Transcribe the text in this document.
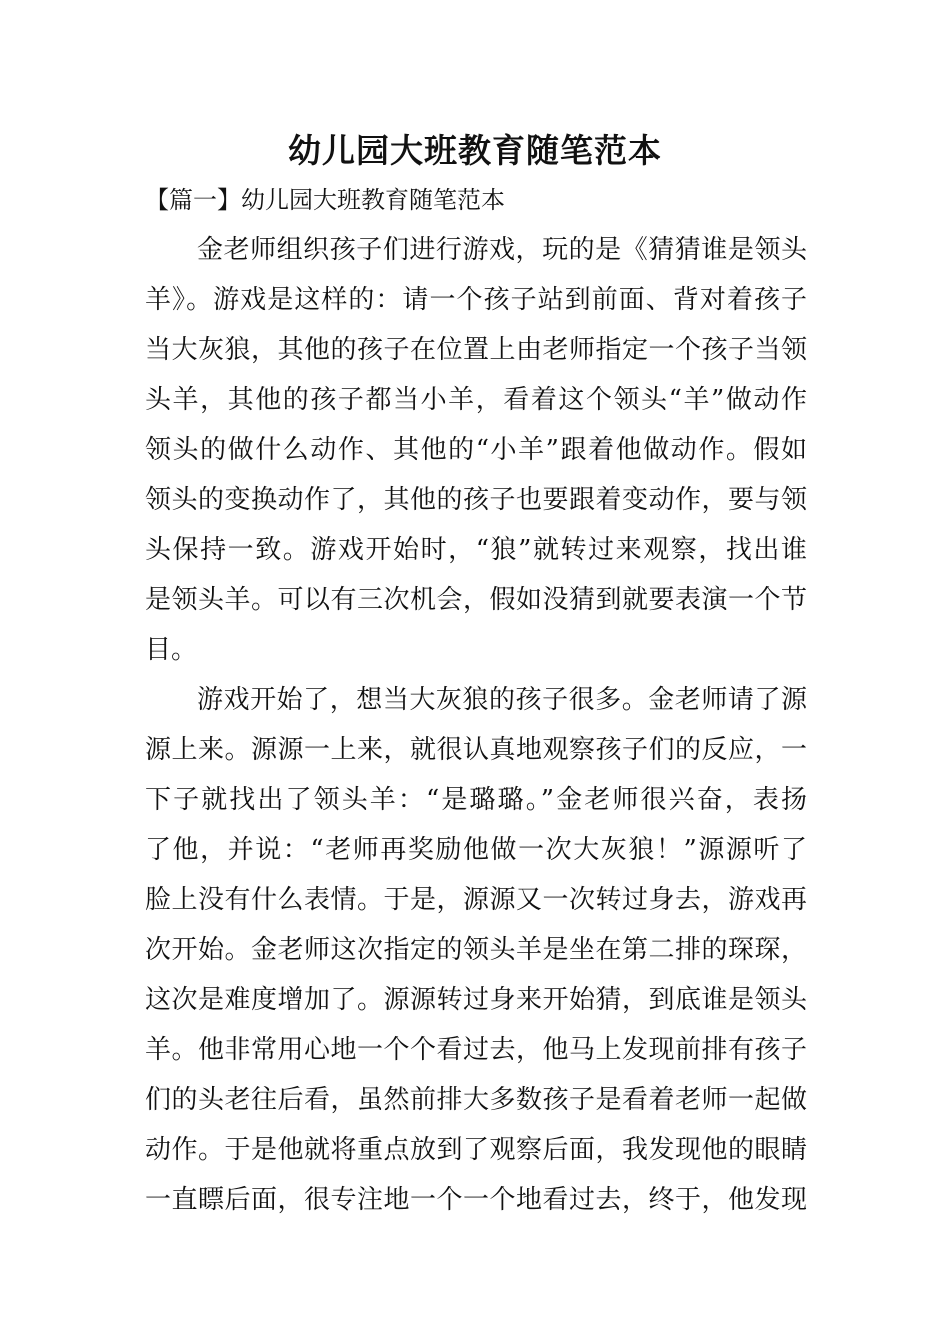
幼儿园大班教育随笔范本
【篇一】幼儿园大班教育随笔范本
金老师组织孩子们进行游戏，玩的是《猜猜谁是领头
羊》。游戏是这样的：请一个孩子站到前面、背对着孩子
当大灰狼，其他的孩子在位置上由老师指定一个孩子当领
头羊，其他的孩子都当小羊，看着这个领头“羊”做动作
领头的做什么动作、其他的“小羊”跟着他做动作。假如
领头的变换动作了，其他的孩子也要跟着变动作，要与领
头保持一致。游戏开始时，“狼”就转过来观察，找出谁
是领头羊。可以有三次机会，假如没猜到就要表演一个节
目。
游戏开始了，想当大灰狼的孩子很多。金老师请了源
源上来。源源一上来，就很认真地观察孩子们的反应，一
下子就找出了领头羊：“是璐璐。”金老师很兴奋，表扬
了他，并说：“老师再奖励他做一次大灰狼！”源源听了
脸上没有什么表情。于是，源源又一次转过身去，游戏再
次开始。金老师这次指定的领头羊是坐在第二排的琛琛，
这次是难度增加了。源源转过身来开始猜，到底谁是领头
羊。他非常用心地一个个看过去，他马上发现前排有孩子
们的头老往后看，虽然前排大多数孩子是看着老师一起做
动作。于是他就将重点放到了观察后面，我发现他的眼睛
一直瞟后面，很专注地一个一个地看过去，终于，他发现
